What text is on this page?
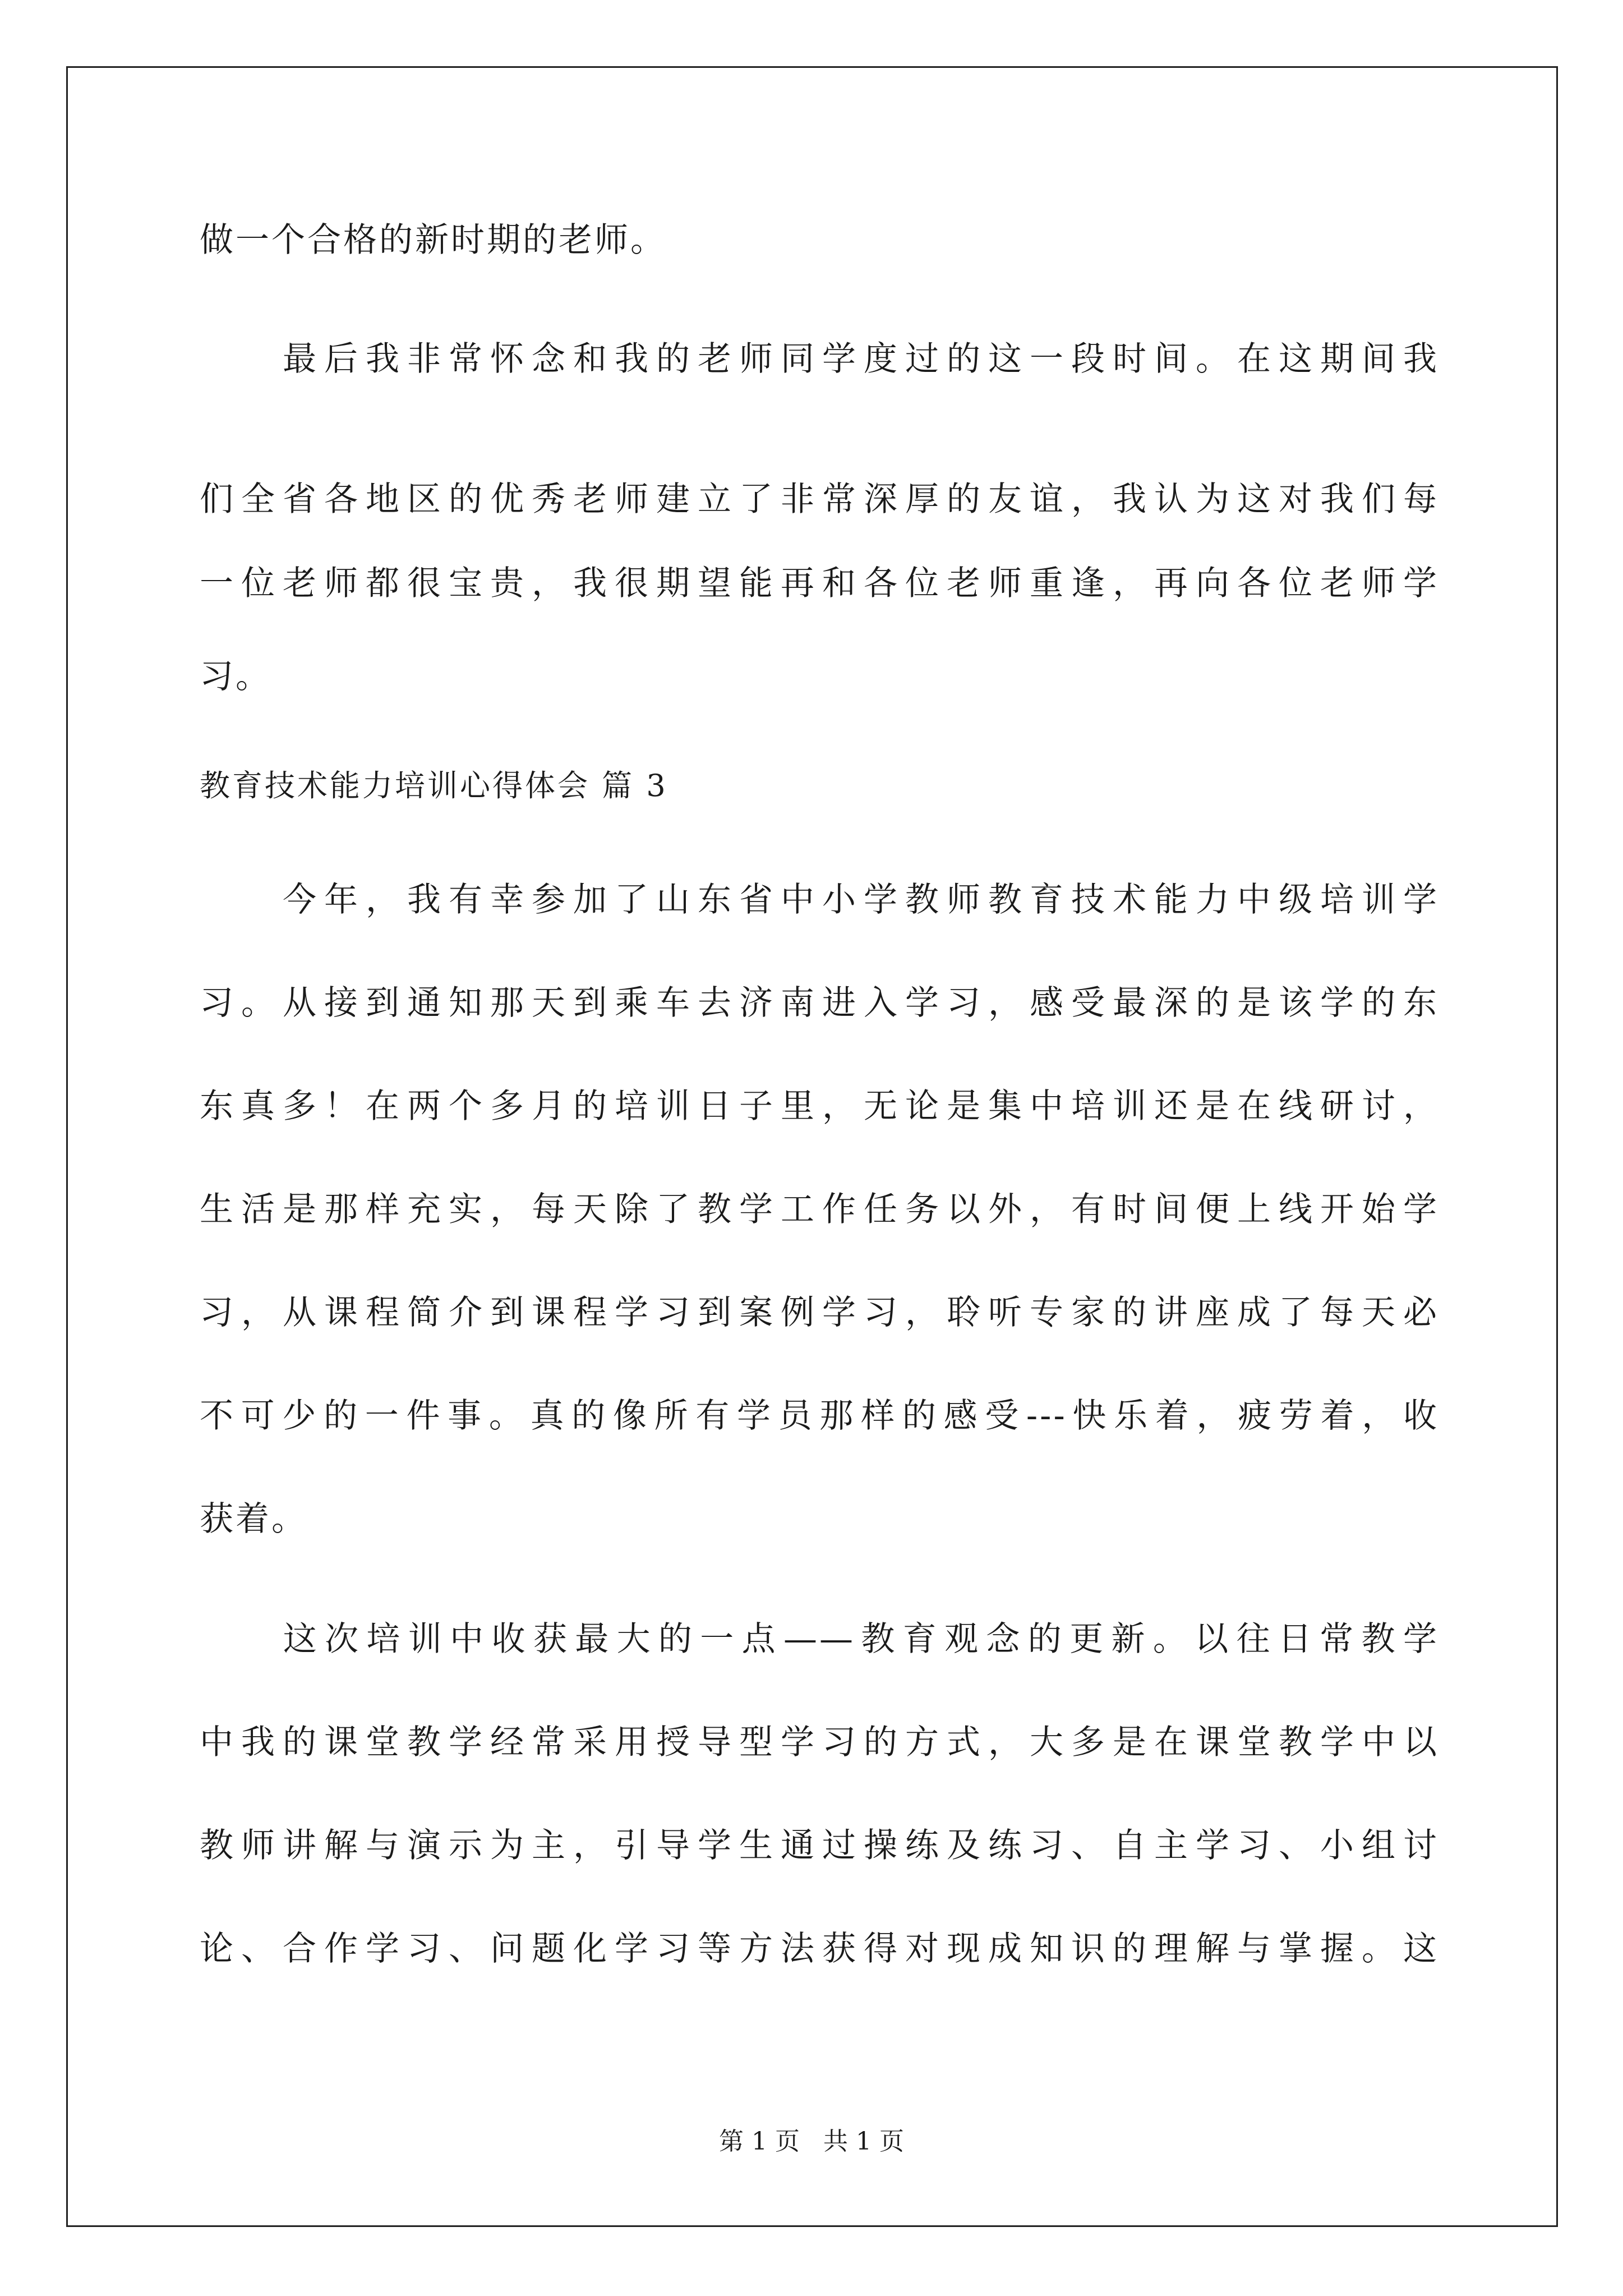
做一个合格的新时期的老师。
　　最后我非常怀念和我的老师同学度过的这一段时间。在这期间我
们全省各地区的优秀老师建立了非常深厚的友谊，我认为这对我们每
一位老师都很宝贵，我很期望能再和各位老师重逢，再向各位老师学
习。
教育技术能力培训心得体会 篇 3
　　今年，我有幸参加了山东省中小学教师教育技术能力中级培训学
习。从接到通知那天到乘车去济南进入学习，感受最深的是该学的东
东真多！在两个多月的培训日子里，无论是集中培训还是在线研讨，
生活是那样充实，每天除了教学工作任务以外，有时间便上线开始学
习，从课程简介到课程学习到案例学习，聆听专家的讲座成了每天必
不可少的一件事。真的像所有学员那样的感受---快乐着，疲劳着，收
获着。
　　这次培训中收获最大的一点——教育观念的更新。以往日常教学
中我的课堂教学经常采用授导型学习的方式，大多是在课堂教学中以
教师讲解与演示为主，引导学生通过操练及练习、自主学习、小组讨
论、合作学习、问题化学习等方法获得对现成知识的理解与掌握。这
第 1 页 共 1 页
